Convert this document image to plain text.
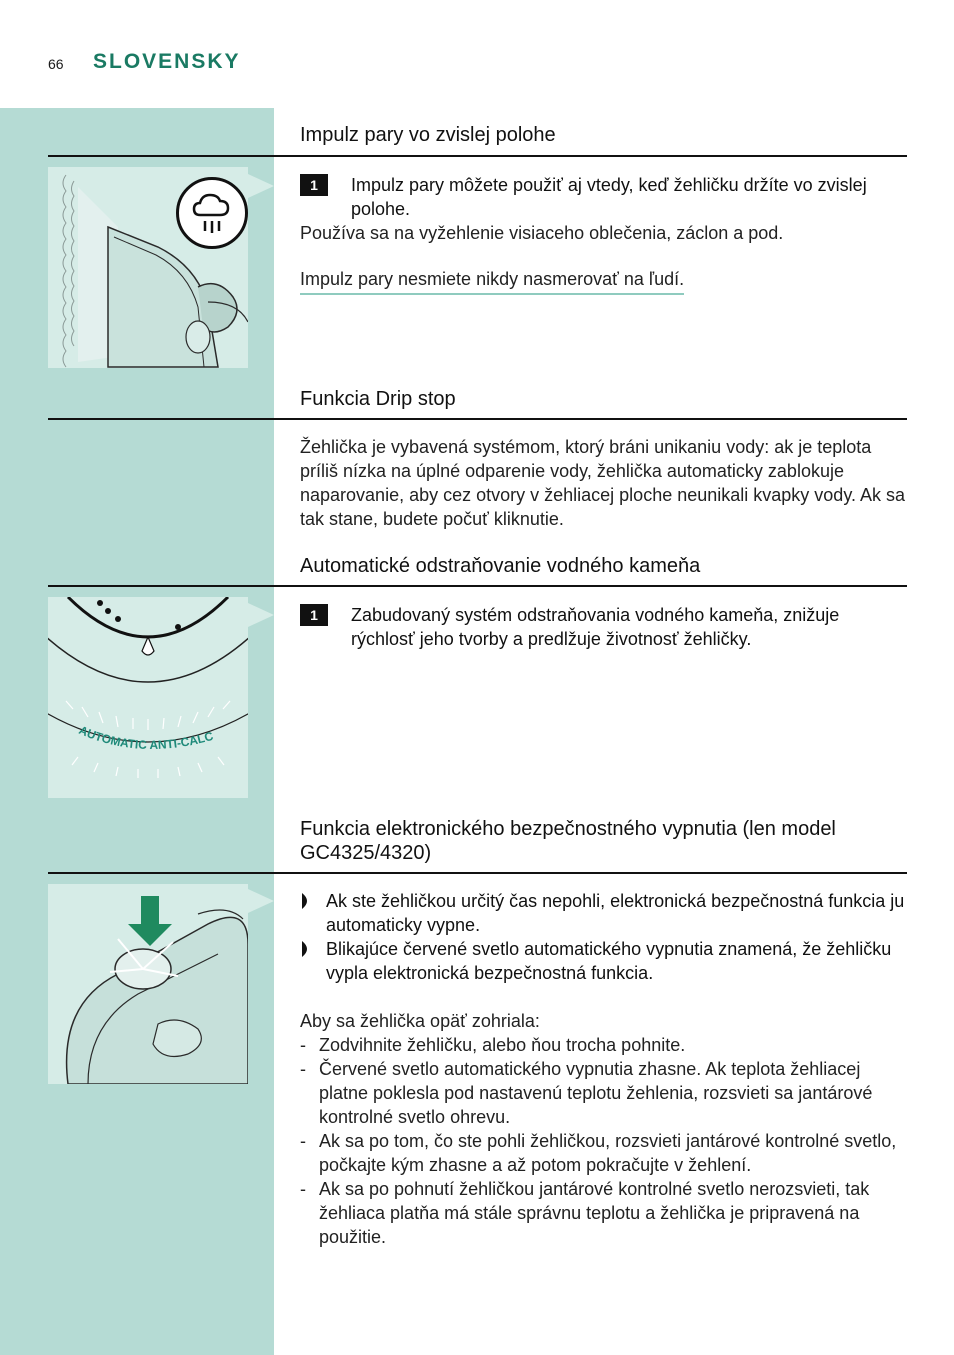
66 SLOVENSKY
Impulz pary vo zvislej polohe
1	Impulz pary môžete použiť aj vtedy, keď žehličku držíte vo zvislej polohe.
Používa sa na vyžehlenie visiaceho oblečenia, záclon a pod.
Impulz pary nesmiete nikdy nasmerovať na ľudí.
Funkcia Drip stop
Žehlička je vybavená systémom, ktorý bráni unikaniu vody: ak je teplota príliš nízka na úplné odparenie vody, žehlička automaticky zablokuje naparovanie, aby cez otvory v žehliacej ploche neunikali kvapky vody. Ak sa tak stane, budete počuť kliknutie.
Automatické odstraňovanie vodného kameňa
AUTOMATIC ANTI-CALC
1	Zabudovaný systém odstraňovania vodného kameňa, znižuje rýchlosť jeho tvorby a predlžuje životnosť žehličky.
Funkcia elektronického bezpečnostného vypnutia (len model GC4325/4320)
Ak ste žehličkou určitý čas nepohli, elektronická bezpečnostná funkcia ju automaticky vypne.
Blikajúce červené svetlo automatického vypnutia znamená, že žehličku vypla elektronická bezpečnostná funkcia.
Aby sa žehlička opäť zohriala:
- Zodvihnite žehličku, alebo ňou trocha pohnite.
- Červené svetlo automatického vypnutia zhasne. Ak teplota žehliacej platne poklesla pod nastavenú teplotu žehlenia, rozsvieti sa jantárové kontrolné svetlo ohrevu.
- Ak sa po tom, čo ste pohli žehličkou, rozsvieti jantárové kontrolné svetlo, počkajte kým zhasne a až potom pokračujte v žehlení.
- Ak sa po pohnutí žehličkou jantárové kontrolné svetlo nerozsvieti, tak žehliaca platňa má stále správnu teplotu a žehlička je pripravená na použitie.
